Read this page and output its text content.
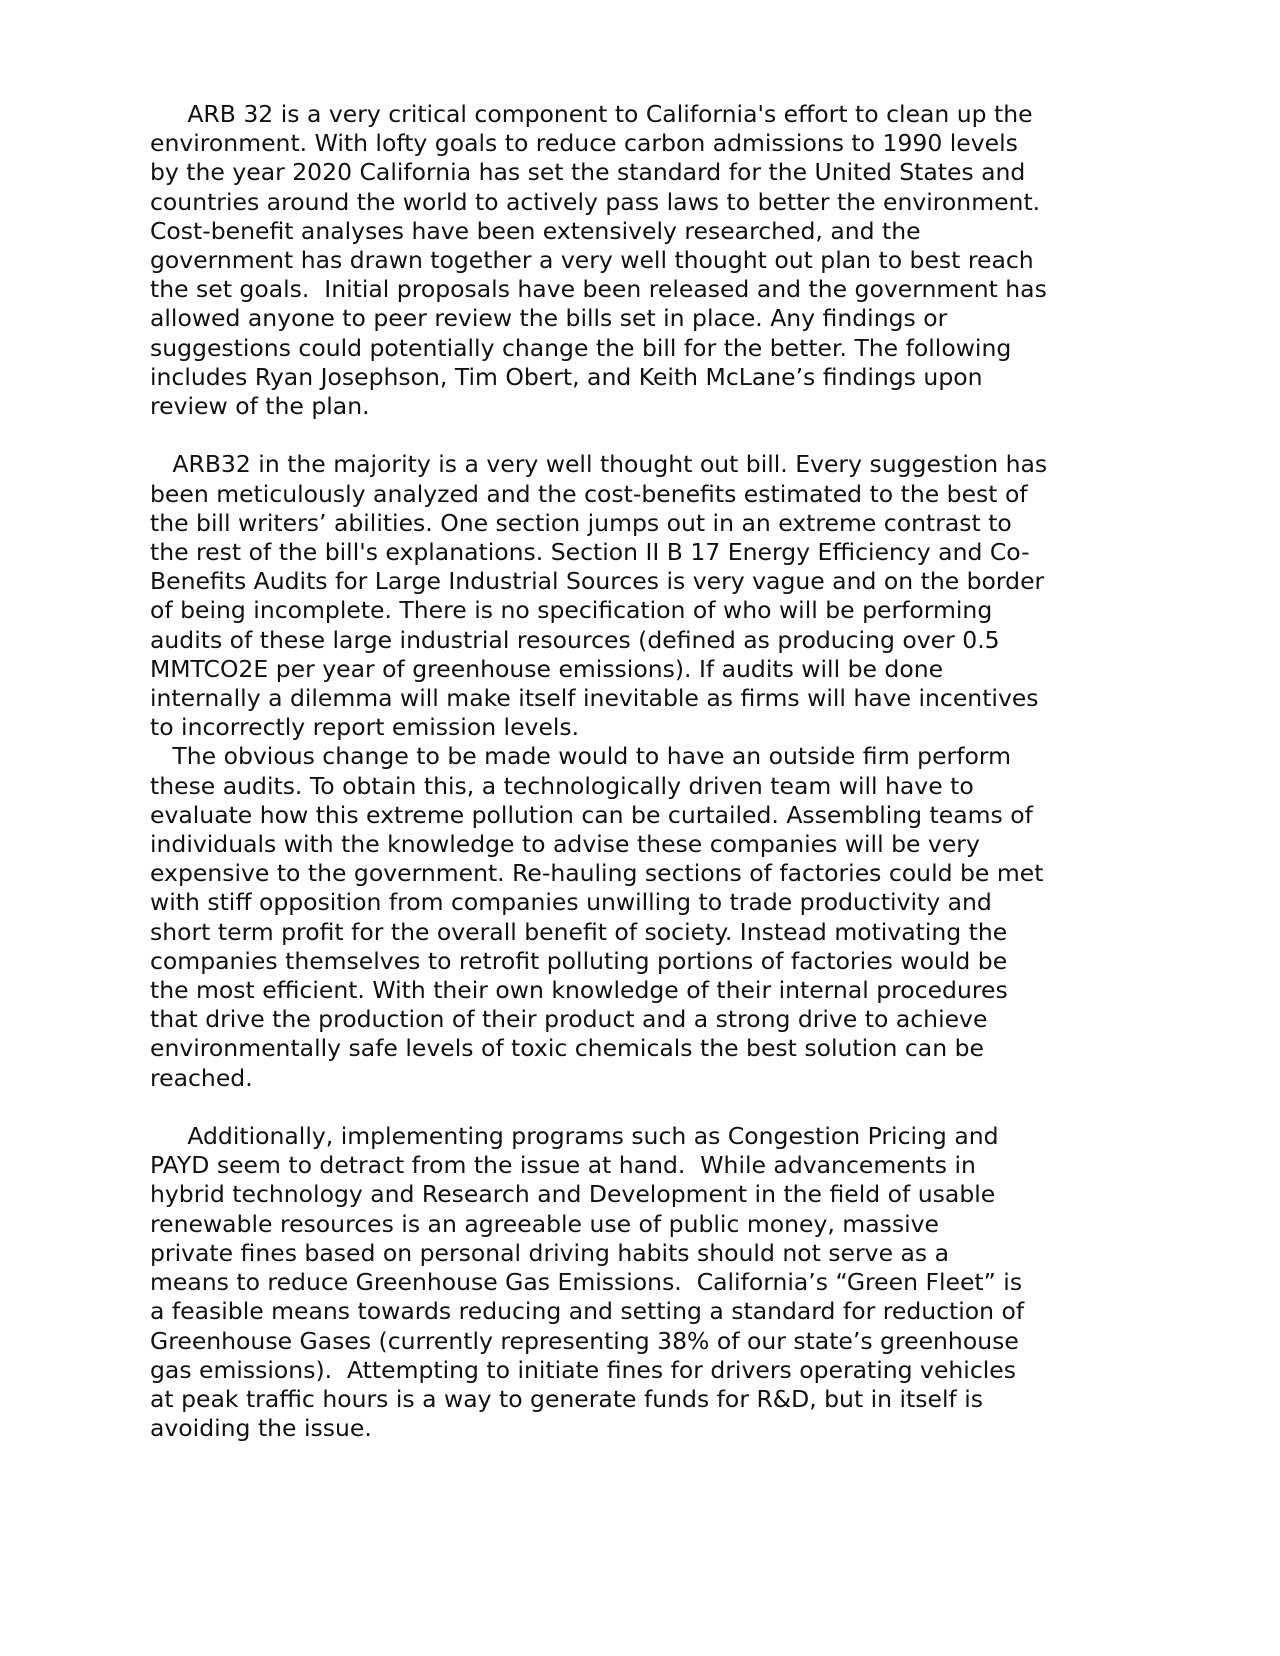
ARB 32 is a very critical component to California's effort to clean up the
environment. With lofty goals to reduce carbon admissions to 1990 levels
by the year 2020 California has set the standard for the United States and
countries around the world to actively pass laws to better the environment.
Cost-benefit analyses have been extensively researched, and the
government has drawn together a very well thought out plan to best reach
the set goals.  Initial proposals have been released and the government has
allowed anyone to peer review the bills set in place. Any findings or
suggestions could potentially change the bill for the better. The following
includes Ryan Josephson, Tim Obert, and Keith McLane’s findings upon
review of the plan.
ARB32 in the majority is a very well thought out bill. Every suggestion has
been meticulously analyzed and the cost-benefits estimated to the best of
the bill writers’ abilities. One section jumps out in an extreme contrast to
the rest of the bill's explanations. Section II B 17 Energy Efficiency and Co-
Benefits Audits for Large Industrial Sources is very vague and on the border
of being incomplete. There is no specification of who will be performing
audits of these large industrial resources (defined as producing over 0.5
MMTCO2E per year of greenhouse emissions). If audits will be done
internally a dilemma will make itself inevitable as firms will have incentives
to incorrectly report emission levels.
The obvious change to be made would to have an outside firm perform
these audits. To obtain this, a technologically driven team will have to
evaluate how this extreme pollution can be curtailed. Assembling teams of
individuals with the knowledge to advise these companies will be very
expensive to the government. Re-hauling sections of factories could be met
with stiff opposition from companies unwilling to trade productivity and
short term profit for the overall benefit of society. Instead motivating the
companies themselves to retrofit polluting portions of factories would be
the most efficient. With their own knowledge of their internal procedures
that drive the production of their product and a strong drive to achieve
environmentally safe levels of toxic chemicals the best solution can be
reached.
Additionally, implementing programs such as Congestion Pricing and
PAYD seem to detract from the issue at hand.  While advancements in
hybrid technology and Research and Development in the field of usable
renewable resources is an agreeable use of public money, massive
private fines based on personal driving habits should not serve as a
means to reduce Greenhouse Gas Emissions.  California’s “Green Fleet” is
a feasible means towards reducing and setting a standard for reduction of
Greenhouse Gases (currently representing 38% of our state’s greenhouse
gas emissions).  Attempting to initiate fines for drivers operating vehicles
at peak traffic hours is a way to generate funds for R&D, but in itself is
avoiding the issue.
